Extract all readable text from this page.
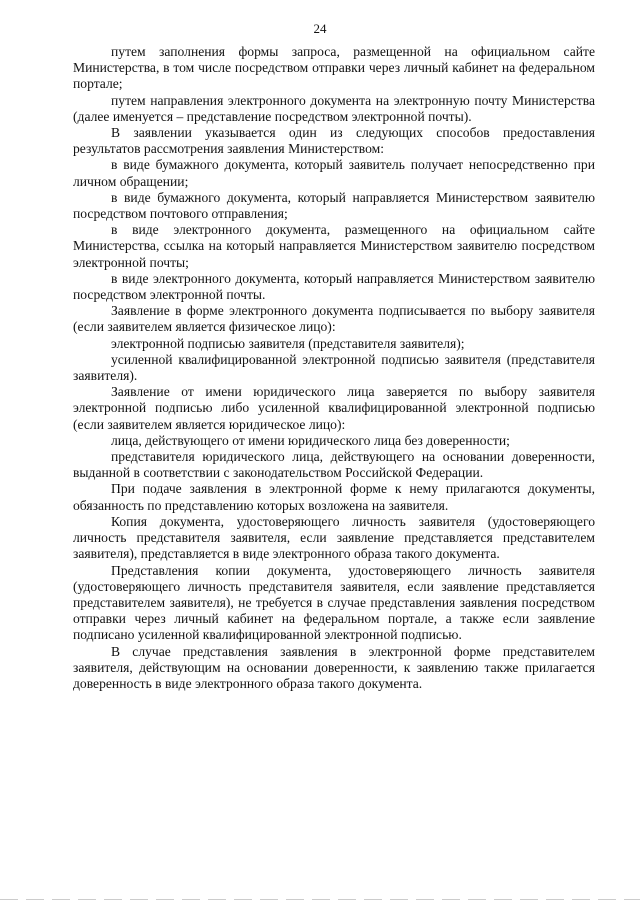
24

путем заполнения формы запроса, размещенной на официальном сайте Министерства, в том числе посредством отправки через личный кабинет на федеральном портале;

путем направления электронного документа на электронную почту Министерства (далее именуется – представление посредством электронной почты).

В заявлении указывается один из следующих способов предоставления результатов рассмотрения заявления Министерством:

в виде бумажного документа, который заявитель получает непосредственно при личном обращении;

в виде бумажного документа, который направляется Министерством заявителю посредством почтового отправления;

в виде электронного документа, размещенного на официальном сайте Министерства, ссылка на который направляется Министерством заявителю посредством электронной почты;

в виде электронного документа, который направляется Министерством заявителю посредством электронной почты.

Заявление в форме электронного документа подписывается по выбору заявителя (если заявителем является физическое лицо):

электронной подписью заявителя (представителя заявителя);

усиленной квалифицированной электронной подписью заявителя (представителя заявителя).

Заявление от имени юридического лица заверяется по выбору заявителя электронной подписью либо усиленной квалифицированной электронной подписью (если заявителем является юридическое лицо):

лица, действующего от имени юридического лица без доверенности;

представителя юридического лица, действующего на основании доверенности, выданной в соответствии с законодательством Российской Федерации.

При подаче заявления в электронной форме к нему прилагаются документы, обязанность по представлению которых возложена на заявителя.

Копия документа, удостоверяющего личность заявителя (удостоверяющего личность представителя заявителя, если заявление представляется представителем заявителя), представляется в виде электронного образа такого документа.

Представления копии документа, удостоверяющего личность заявителя (удостоверяющего личность представителя заявителя, если заявление представляется представителем заявителя), не требуется в случае представления заявления посредством отправки через личный кабинет на федеральном портале, а также если заявление подписано усиленной квалифицированной электронной подписью.

В случае представления заявления в электронной форме представителем заявителя, действующим на основании доверенности, к заявлению также прилагается доверенность в виде электронного образа такого документа.
